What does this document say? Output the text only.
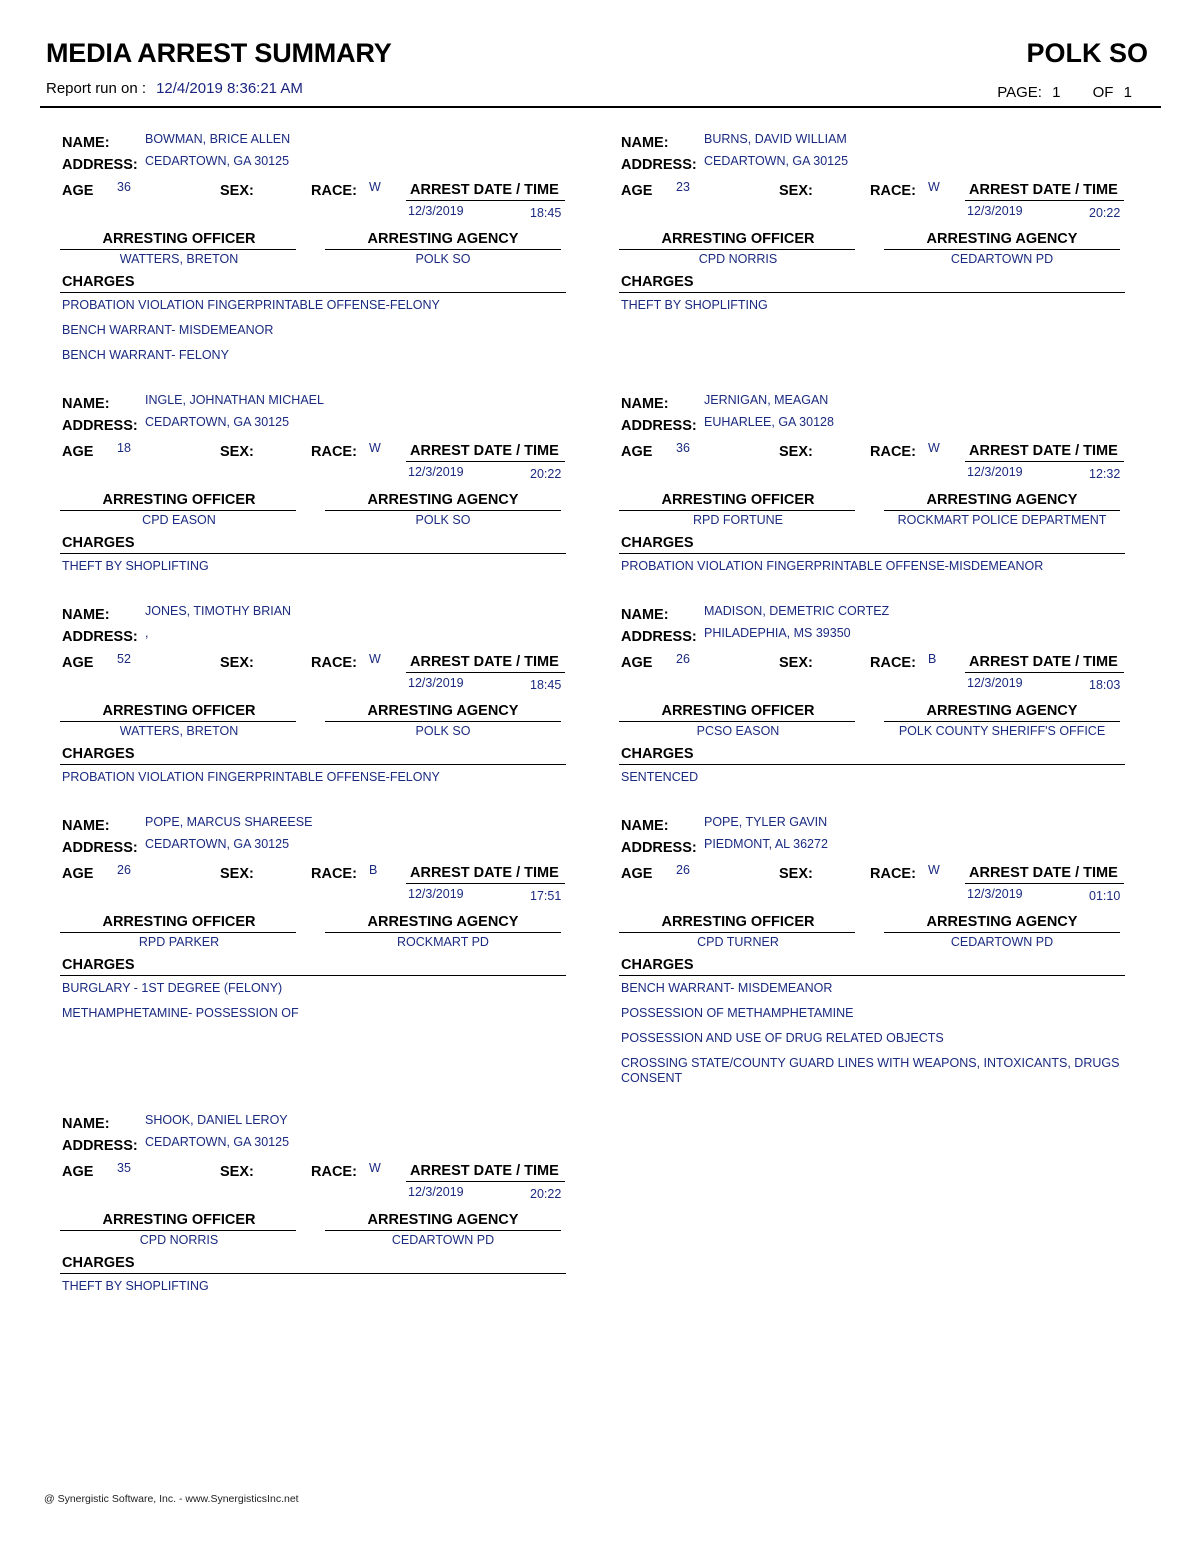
MEDIA ARREST SUMMARY	POLK SO
Report run on : 12/4/2019 8:36:21 AM	PAGE: 1 OF 1
NAME:	BOWMAN, BRICE ALLEN
ADDRESS: CEDARTOWN, GA 30125
AGE 36	SEX:	RACE: W ARREST DATE / TIME
12/3/2019	18:45
ARRESTING OFFICER
WATTERS, BRETON
ARRESTING AGENCY
POLK SO
CHARGES
PROBATION VIOLATION FINGERPRINTABLE OFFENSE-FELONY
BENCH WARRANT- MISDEMEANOR
BENCH WARRANT- FELONY
NAME:	BURNS, DAVID WILLIAM
ADDRESS: CEDARTOWN, GA 30125
AGE 23	SEX:	RACE: W ARREST DATE / TIME
12/3/2019	20:22
ARRESTING OFFICER
CPD NORRIS
ARRESTING AGENCY
CEDARTOWN PD
CHARGES
THEFT BY SHOPLIFTING
NAME:	INGLE, JOHNATHAN MICHAEL
ADDRESS: CEDARTOWN, GA 30125
AGE 18	SEX:	RACE: W ARREST DATE / TIME
12/3/2019	20:22
ARRESTING OFFICER
CPD EASON
ARRESTING AGENCY
POLK SO
CHARGES
THEFT BY SHOPLIFTING
NAME:	JERNIGAN, MEAGAN
ADDRESS: EUHARLEE, GA 30128
AGE 36	SEX:	RACE: W ARREST DATE / TIME
12/3/2019	12:32
ARRESTING OFFICER
RPD FORTUNE
ARRESTING AGENCY
ROCKMART POLICE DEPARTMENT
CHARGES
PROBATION VIOLATION FINGERPRINTABLE OFFENSE-MISDEMEANOR
NAME:	JONES, TIMOTHY BRIAN
ADDRESS: ,
AGE 52	SEX:	RACE: W ARREST DATE / TIME
12/3/2019	18:45
ARRESTING OFFICER
WATTERS, BRETON
ARRESTING AGENCY
POLK SO
CHARGES
PROBATION VIOLATION FINGERPRINTABLE OFFENSE-FELONY
NAME:	MADISON, DEMETRIC CORTEZ
ADDRESS: PHILADEPHIA, MS 39350
AGE 26	SEX:	RACE: B ARREST DATE / TIME
12/3/2019	18:03
ARRESTING OFFICER
PCSO EASON
ARRESTING AGENCY
POLK COUNTY SHERIFF'S OFFICE
CHARGES
SENTENCED
NAME:	POPE, MARCUS SHAREESE
ADDRESS: CEDARTOWN, GA 30125
AGE 26	SEX:	RACE: B ARREST DATE / TIME
12/3/2019	17:51
ARRESTING OFFICER
RPD PARKER
ARRESTING AGENCY
ROCKMART PD
CHARGES
BURGLARY - 1ST DEGREE (FELONY)
METHAMPHETAMINE- POSSESSION OF
NAME:	POPE, TYLER GAVIN
ADDRESS: PIEDMONT, AL 36272
AGE 26	SEX:	RACE: W ARREST DATE / TIME
12/3/2019	01:10
ARRESTING OFFICER
CPD TURNER
ARRESTING AGENCY
CEDARTOWN PD
CHARGES
BENCH WARRANT- MISDEMEANOR
POSSESSION OF METHAMPHETAMINE
POSSESSION AND USE OF DRUG RELATED OBJECTS
CROSSING STATE/COUNTY GUARD LINES WITH WEAPONS, INTOXICANTS, DRUGS CONSENT
NAME:	SHOOK, DANIEL LEROY
ADDRESS: CEDARTOWN, GA 30125
AGE 35	SEX:	RACE: W ARREST DATE / TIME
12/3/2019	20:22
ARRESTING OFFICER
CPD NORRIS
ARRESTING AGENCY
CEDARTOWN PD
CHARGES
THEFT BY SHOPLIFTING
@ Synergistic Software, Inc. - www.SynergisticsInc.net
